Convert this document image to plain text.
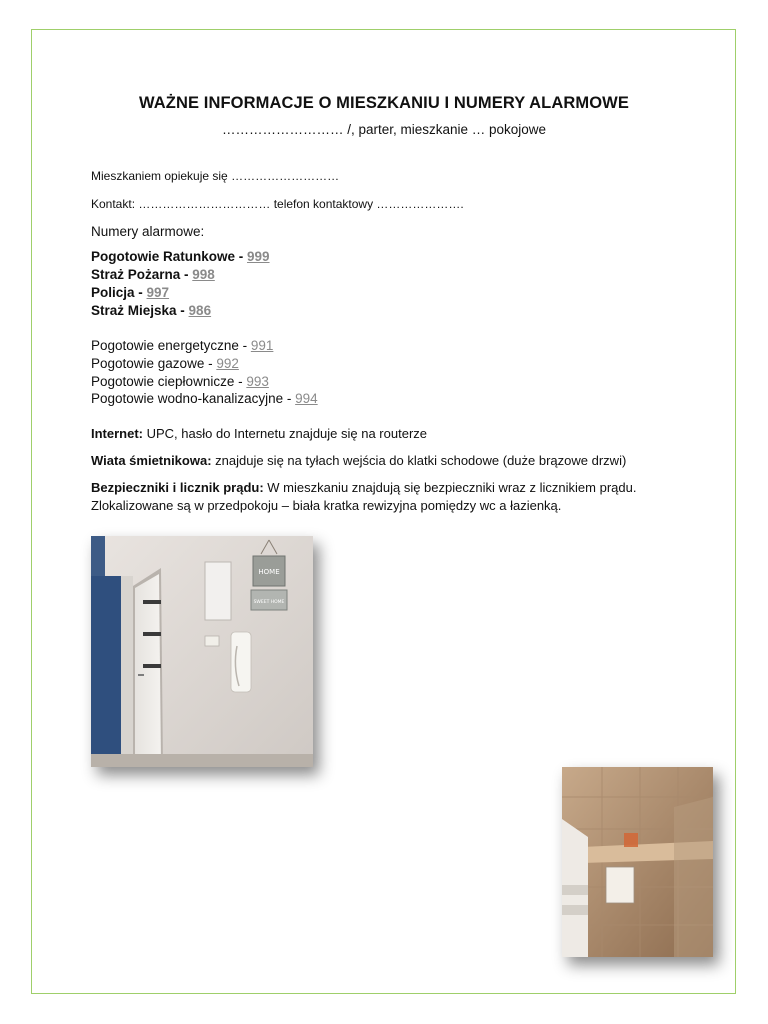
WAŻNE INFORMACJE O MIESZKANIU I NUMERY ALARMOWE
……………………… /, parter, mieszkanie … pokojowe
Mieszkaniem opiekuje się ………………………
Kontakt: …………………………… telefon kontaktowy ………………….
Numery alarmowe:
Pogotowie Ratunkowe - 999
Straż Pożarna - 998
Policja - 997
Straż Miejska - 986
Pogotowie energetyczne - 991
Pogotowie gazowe - 992
Pogotowie ciepłownicze - 993
Pogotowie wodno-kanalizacyjne - 994
Internet: UPC, hasło do Internetu znajduje się na routerze
Wiata śmietnikowa: znajduje się na tyłach wejścia do klatki schodowe (duże brązowe drzwi)
Bezpieczniki i licznik prądu: W mieszkaniu znajdują się bezpieczniki wraz z licznikiem prądu.
Zlokalizowane są w przedpokoju – biała kratka rewizyjna pomiędzy wc a łazienką.
HOME
SWEET HOME
